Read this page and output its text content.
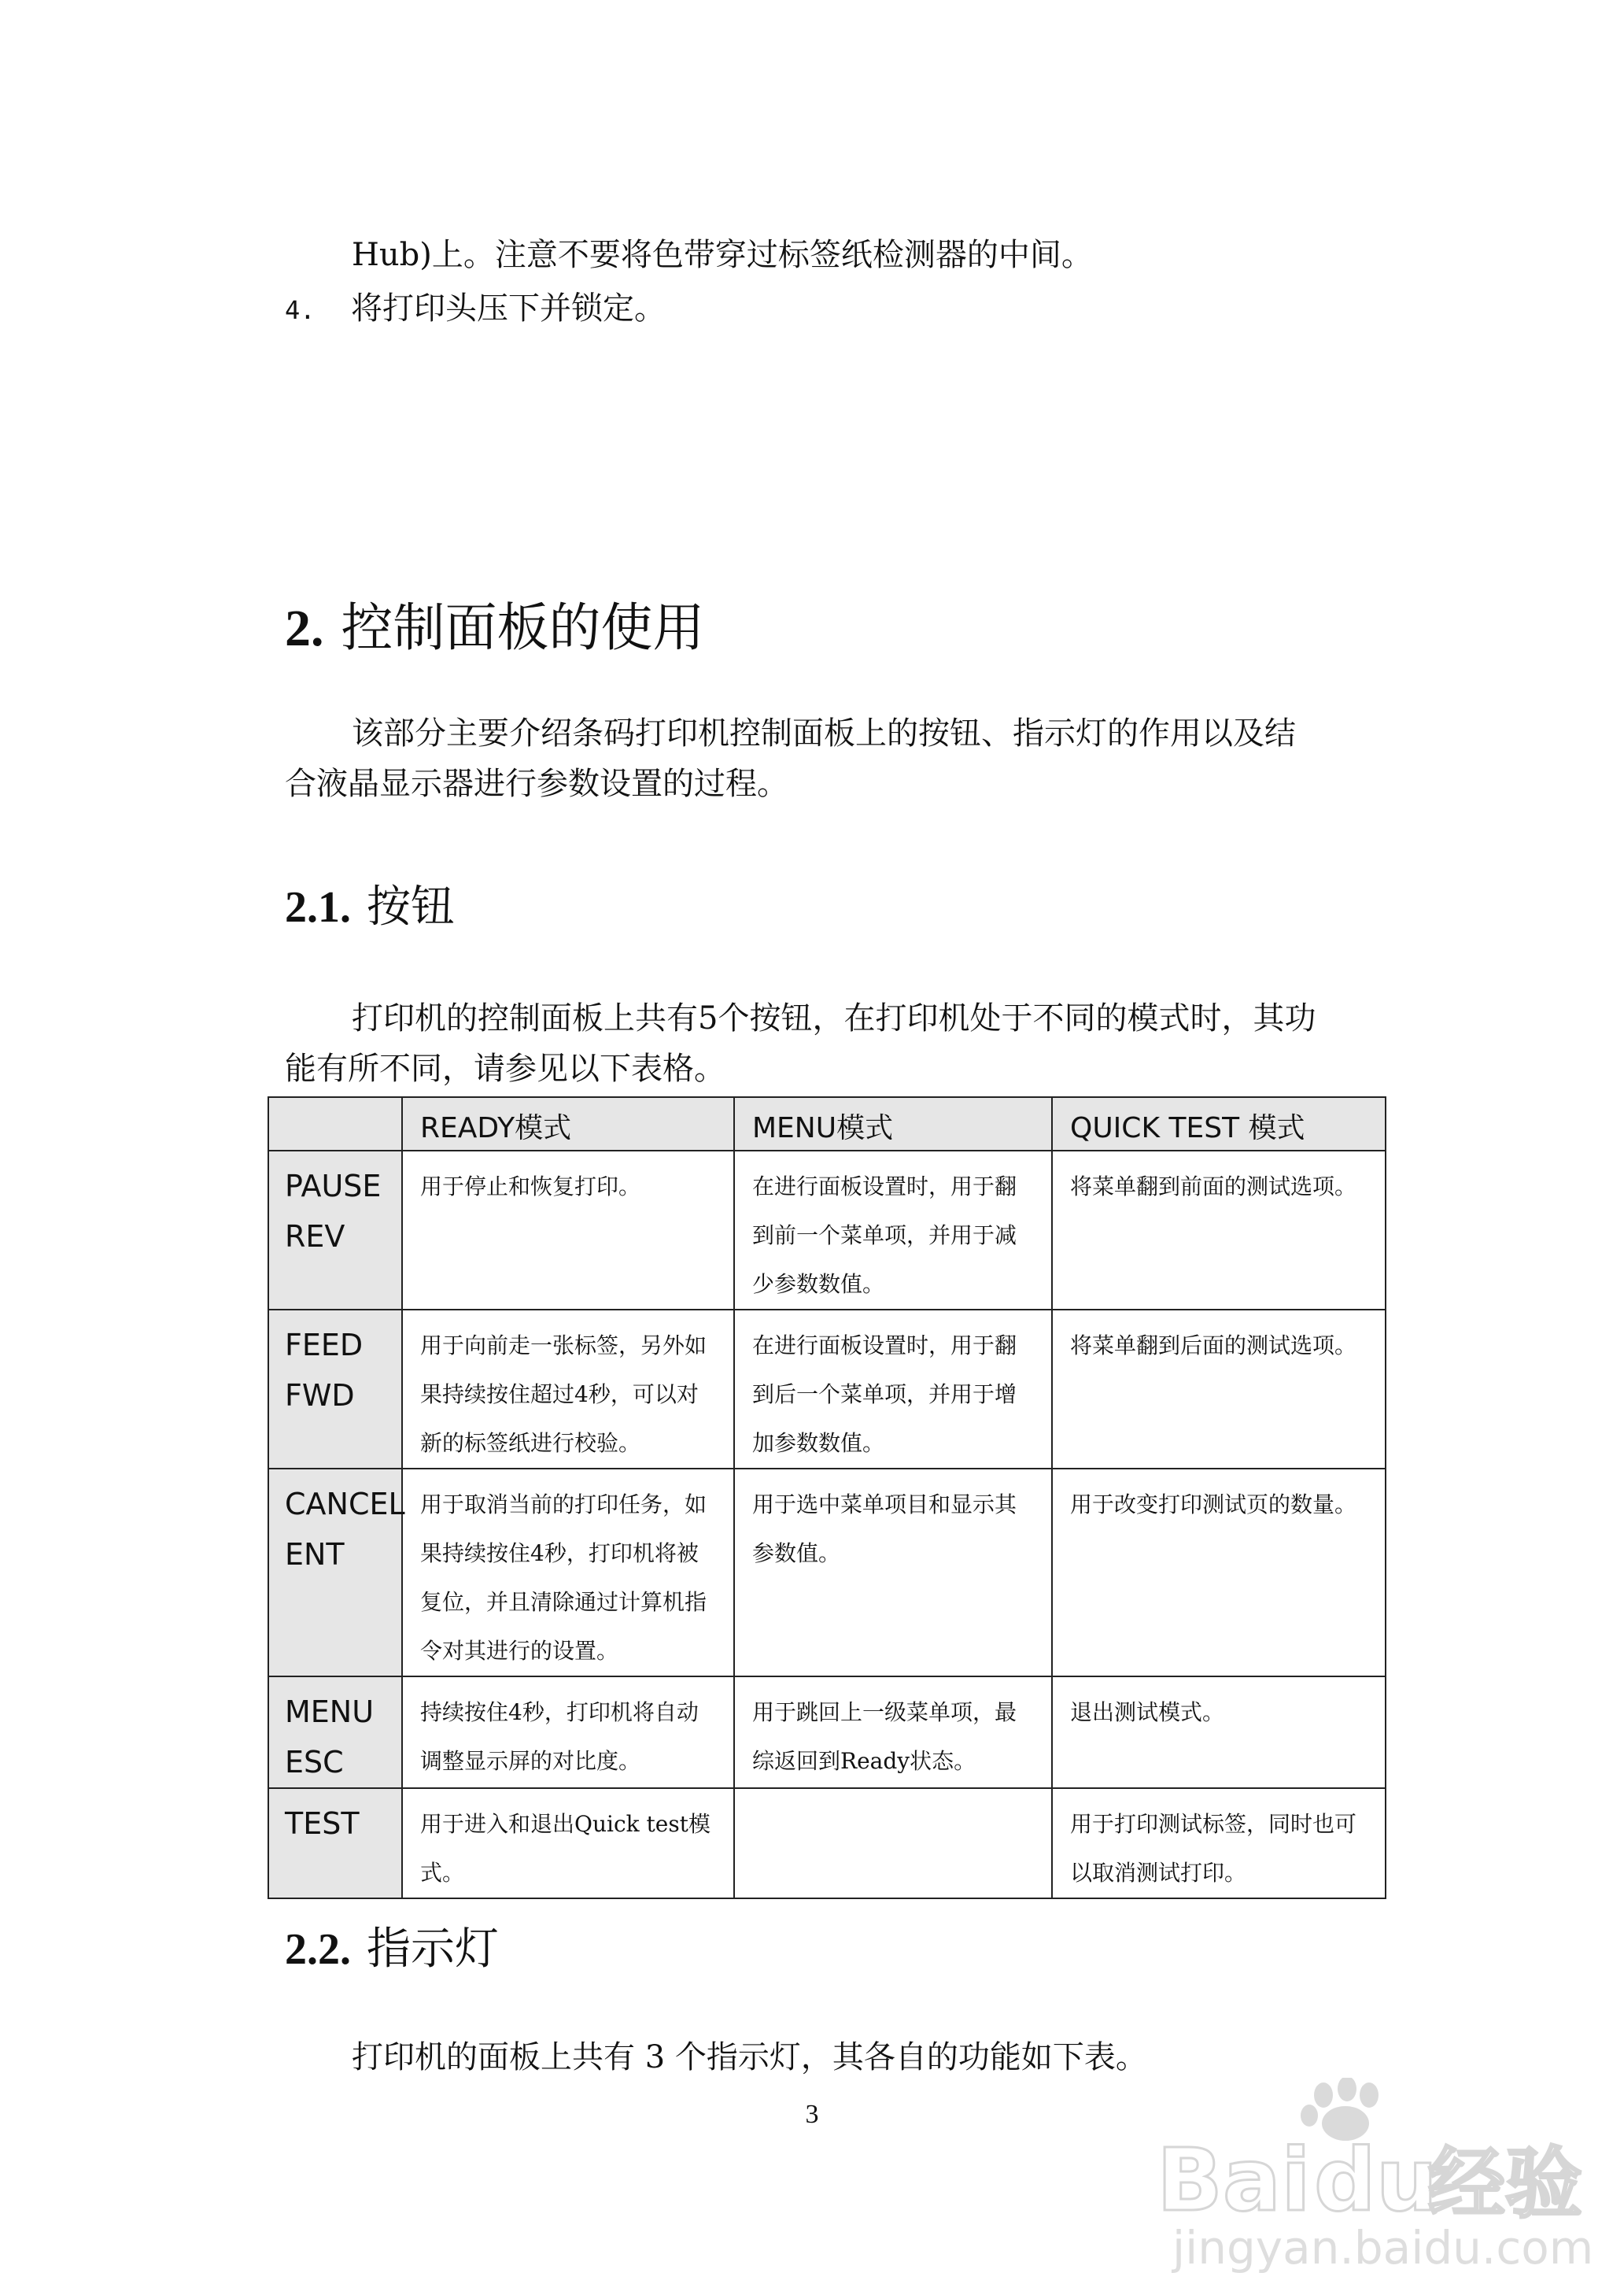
Hub)上。注意不要将色带穿过标签纸检测器的中间。
4. 将打印头压下并锁定。
2. 控制面板的使用
该部分主要介绍条码打印机控制面板上的按钮、指示灯的作用以及结
合液晶显示器进行参数设置的过程。
2.1. 按钮
打印机的控制面板上共有5个按钮，在打印机处于不同的模式时，其功
能有所不同，请参见以下表格。
	READY模式	MENU模式	QUICK TEST 模式

PAUSE
REV	用于停止和恢复打印。	在进行面板设置时，用于翻到前一个菜单项，并用于减少参数数值。	将菜单翻到前面的测试选项。

FEED
FWD	用于向前走一张标签，另外如果持续按住超过4秒，可以对新的标签纸进行校验。	在进行面板设置时，用于翻到后一个菜单项，并用于增加参数数值。	将菜单翻到后面的测试选项。

CANCEL
ENT	用于取消当前的打印任务，如果持续按住4秒，打印机将被复位，并且清除通过计算机指令对其进行的设置。	用于选中菜单项目和显示其参数值。	用于改变打印测试页的数量。

MENU
ESC	持续按住4秒，打印机将自动调整显示屏的对比度。	用于跳回上一级菜单项，最综返回到Ready状态。	退出测试模式。

TEST	用于进入和退出Quick test模式。		用于打印测试标签，同时也可以取消测试打印。
2.2. 指示灯
打印机的面板上共有 3 个指示灯，其各自的功能如下表。
3
Bai du
经验
jingyan.baidu.com
